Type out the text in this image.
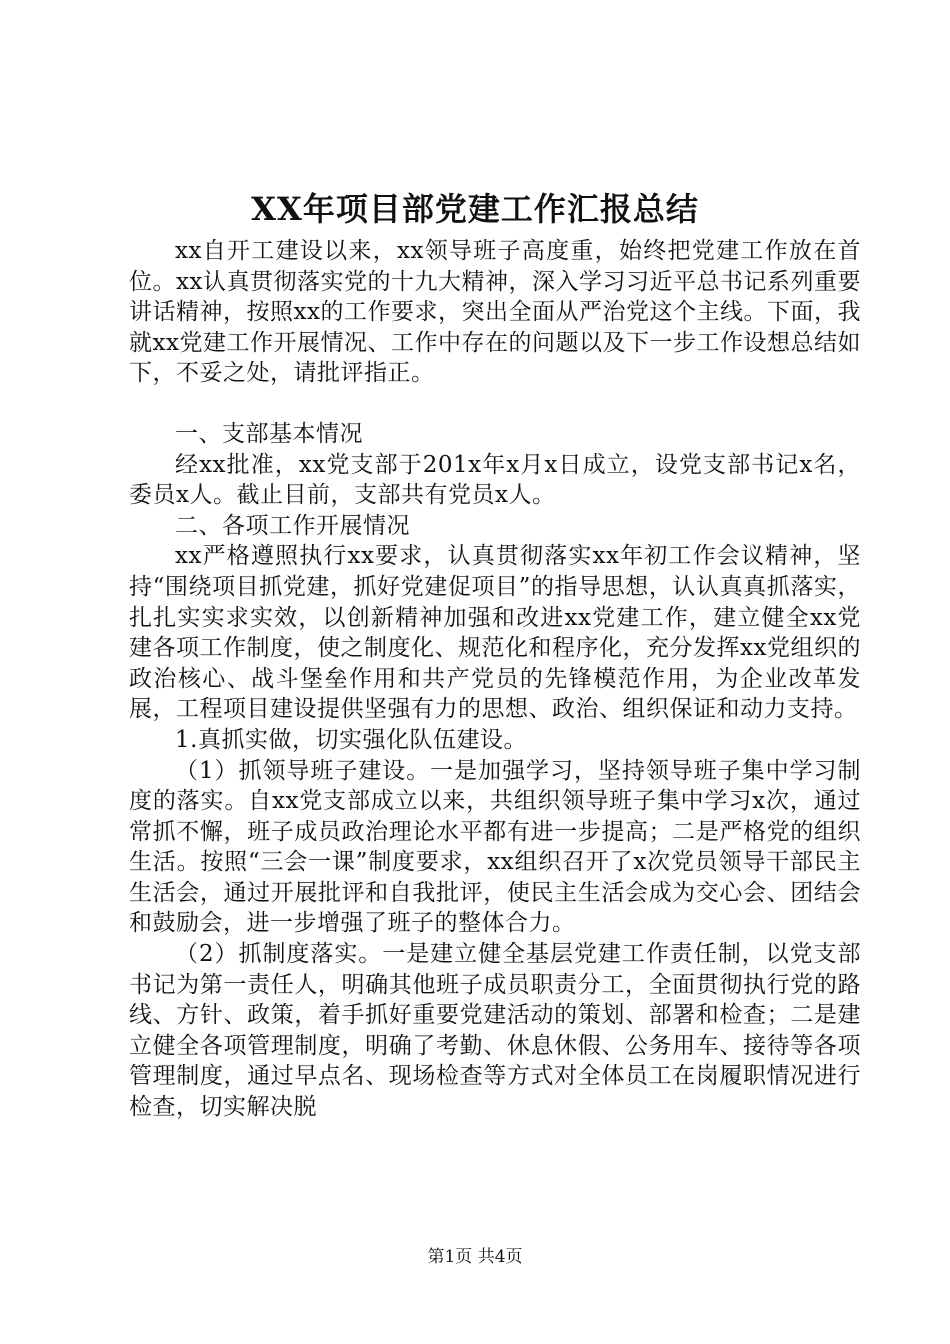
XX年项目部党建工作汇报总结

xx自开工建设以来，xx领导班子高度重，始终把党建工作放在首位。xx认真贯彻落实党的十九大精神，深入学习习近平总书记系列重要讲话精神，按照xx的工作要求，突出全面从严治党这个主线。下面，我就xx党建工作开展情况、工作中存在的问题以及下一步工作设想总结如下，不妥之处，请批评指正。

一、支部基本情况

经xx批准，xx党支部于201x年x月x日成立，设党支部书记x名，委员x人。截止目前，支部共有党员x人。

二、各项工作开展情况

xx严格遵照执行xx要求，认真贯彻落实xx年初工作会议精神，坚持“围绕项目抓党建，抓好党建促项目”的指导思想，认认真真抓落实，扎扎实实求实效，以创新精神加强和改进xx党建工作，建立健全xx党建各项工作制度，使之制度化、规范化和程序化，充分发挥xx党组织的政治核心、战斗堡垒作用和共产党员的先锋模范作用，为企业改革发展，工程项目建设提供坚强有力的思想、政治、组织保证和动力支持。

1.真抓实做，切实强化队伍建设。

（1）抓领导班子建设。一是加强学习，坚持领导班子集中学习制度的落实。自xx党支部成立以来，共组织领导班子集中学习x次，通过常抓不懈，班子成员政治理论水平都有进一步提高；二是严格党的组织生活。按照“三会一课”制度要求，xx组织召开了x次党员领导干部民主生活会，通过开展批评和自我批评，使民主生活会成为交心会、团结会和鼓励会，进一步增强了班子的整体合力。

（2）抓制度落实。一是建立健全基层党建工作责任制，以党支部书记为第一责任人，明确其他班子成员职责分工，全面贯彻执行党的路线、方针、政策，着手抓好重要党建活动的策划、部署和检查；二是建立健全各项管理制度，明确了考勤、休息休假、公务用车、接待等各项管理制度，通过早点名、现场检查等方式对全体员工在岗履职情况进行检查，切实解决脱

第1页 共4页
